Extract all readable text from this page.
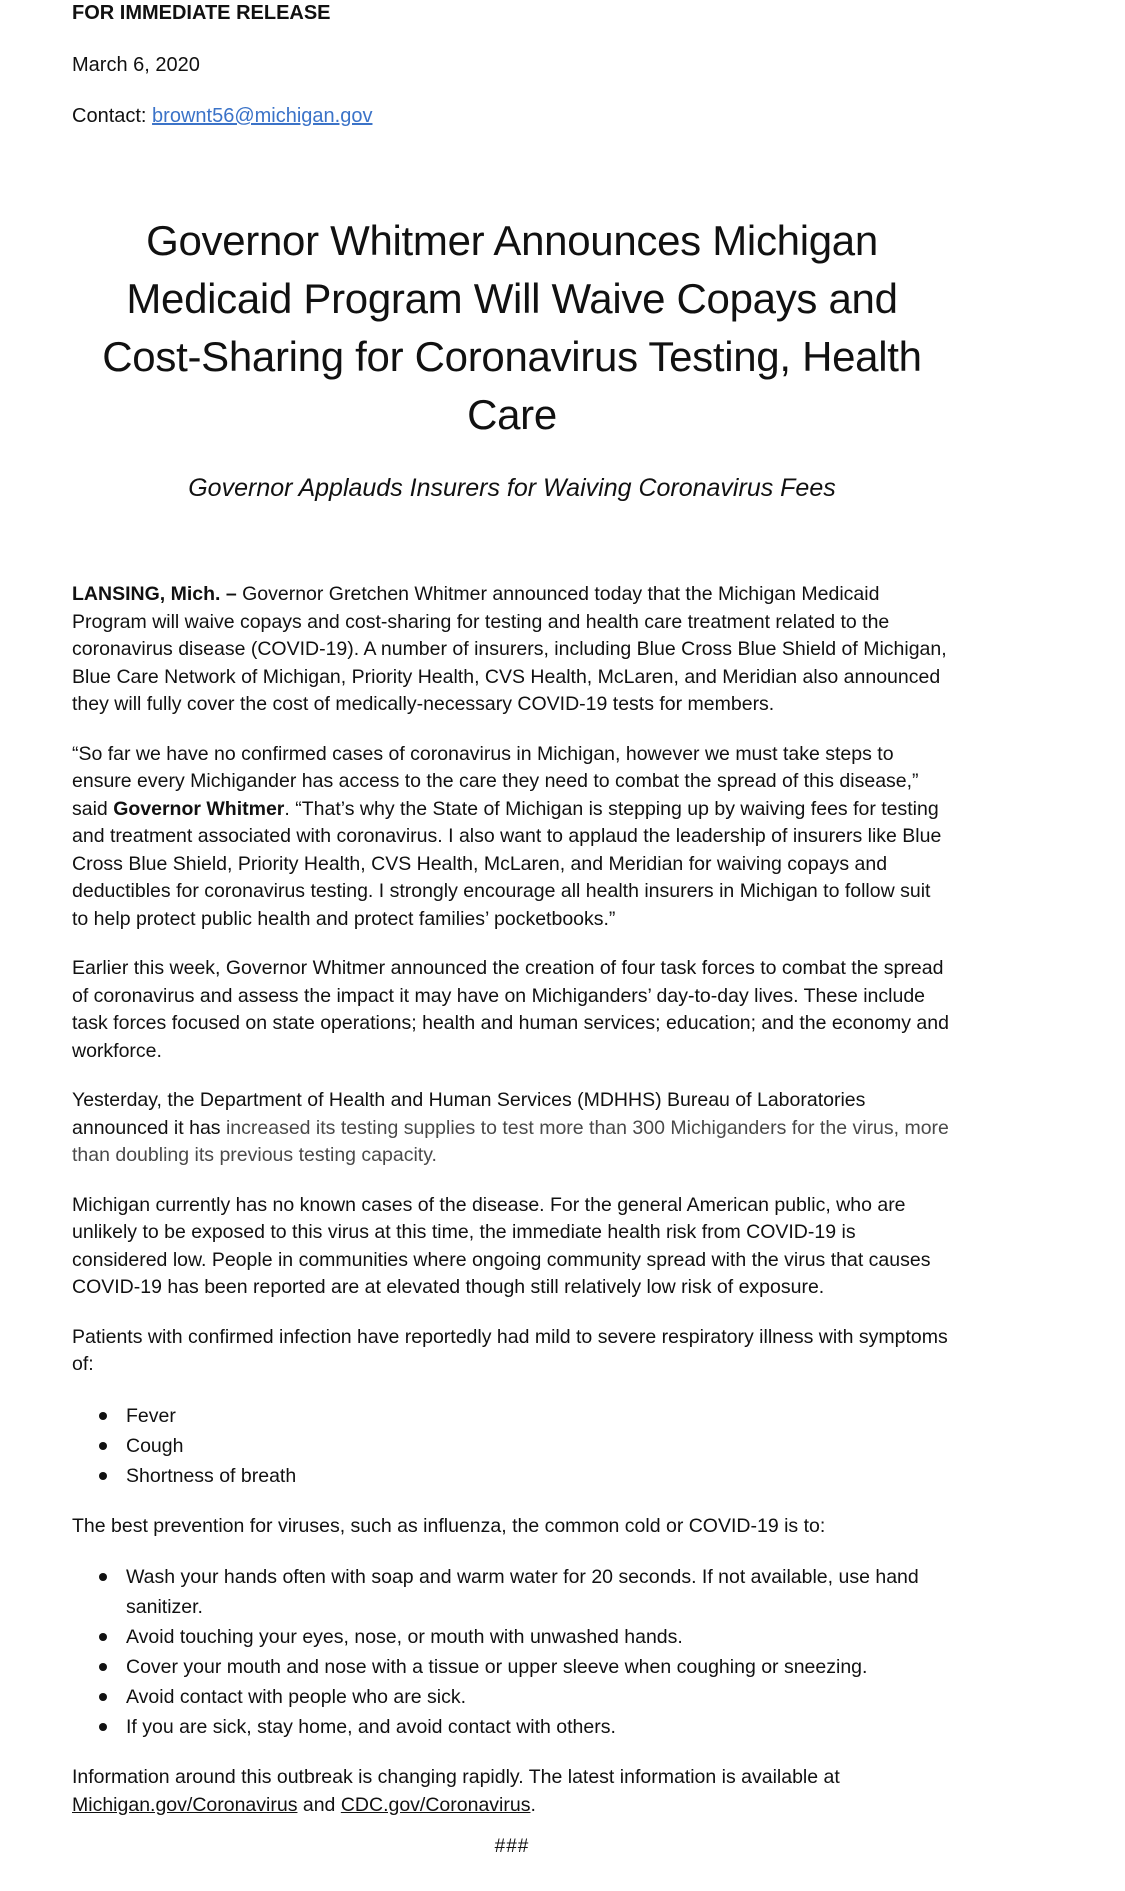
FOR IMMEDIATE RELEASE
March 6, 2020
Contact: brownt56@michigan.gov
Governor Whitmer Announces Michigan Medicaid Program Will Waive Copays and Cost-Sharing for Coronavirus Testing, Health Care
Governor Applauds Insurers for Waiving Coronavirus Fees

LANSING, Mich. – Governor Gretchen Whitmer announced today that the Michigan Medicaid Program will waive copays and cost-sharing for testing and health care treatment related to the coronavirus disease (COVID-19). A number of insurers, including Blue Cross Blue Shield of Michigan, Blue Care Network of Michigan, Priority Health, CVS Health, McLaren, and Meridian also announced they will fully cover the cost of medically-necessary COVID-19 tests for members.

“So far we have no confirmed cases of coronavirus in Michigan, however we must take steps to ensure every Michigander has access to the care they need to combat the spread of this disease,” said Governor Whitmer. “That’s why the State of Michigan is stepping up by waiving fees for testing and treatment associated with coronavirus. I also want to applaud the leadership of insurers like Blue Cross Blue Shield, Priority Health, CVS Health, McLaren, and Meridian for waiving copays and deductibles for coronavirus testing. I strongly encourage all health insurers in Michigan to follow suit to help protect public health and protect families’ pocketbooks.”

Earlier this week, Governor Whitmer announced the creation of four task forces to combat the spread of coronavirus and assess the impact it may have on Michiganders’ day-to-day lives. These include task forces focused on state operations; health and human services; education; and the economy and workforce.

Yesterday, the Department of Health and Human Services (MDHHS) Bureau of Laboratories announced it has increased its testing supplies to test more than 300 Michiganders for the virus, more than doubling its previous testing capacity.

Michigan currently has no known cases of the disease. For the general American public, who are unlikely to be exposed to this virus at this time, the immediate health risk from COVID-19 is considered low. People in communities where ongoing community spread with the virus that causes COVID-19 has been reported are at elevated though still relatively low risk of exposure.

Patients with confirmed infection have reportedly had mild to severe respiratory illness with symptoms of:

Fever
Cough
Shortness of breath

The best prevention for viruses, such as influenza, the common cold or COVID-19 is to:

Wash your hands often with soap and warm water for 20 seconds. If not available, use hand sanitizer.
Avoid touching your eyes, nose, or mouth with unwashed hands.
Cover your mouth and nose with a tissue or upper sleeve when coughing or sneezing.
Avoid contact with people who are sick.
If you are sick, stay home, and avoid contact with others.

Information around this outbreak is changing rapidly. The latest information is available at Michigan.gov/Coronavirus and CDC.gov/Coronavirus.

###
